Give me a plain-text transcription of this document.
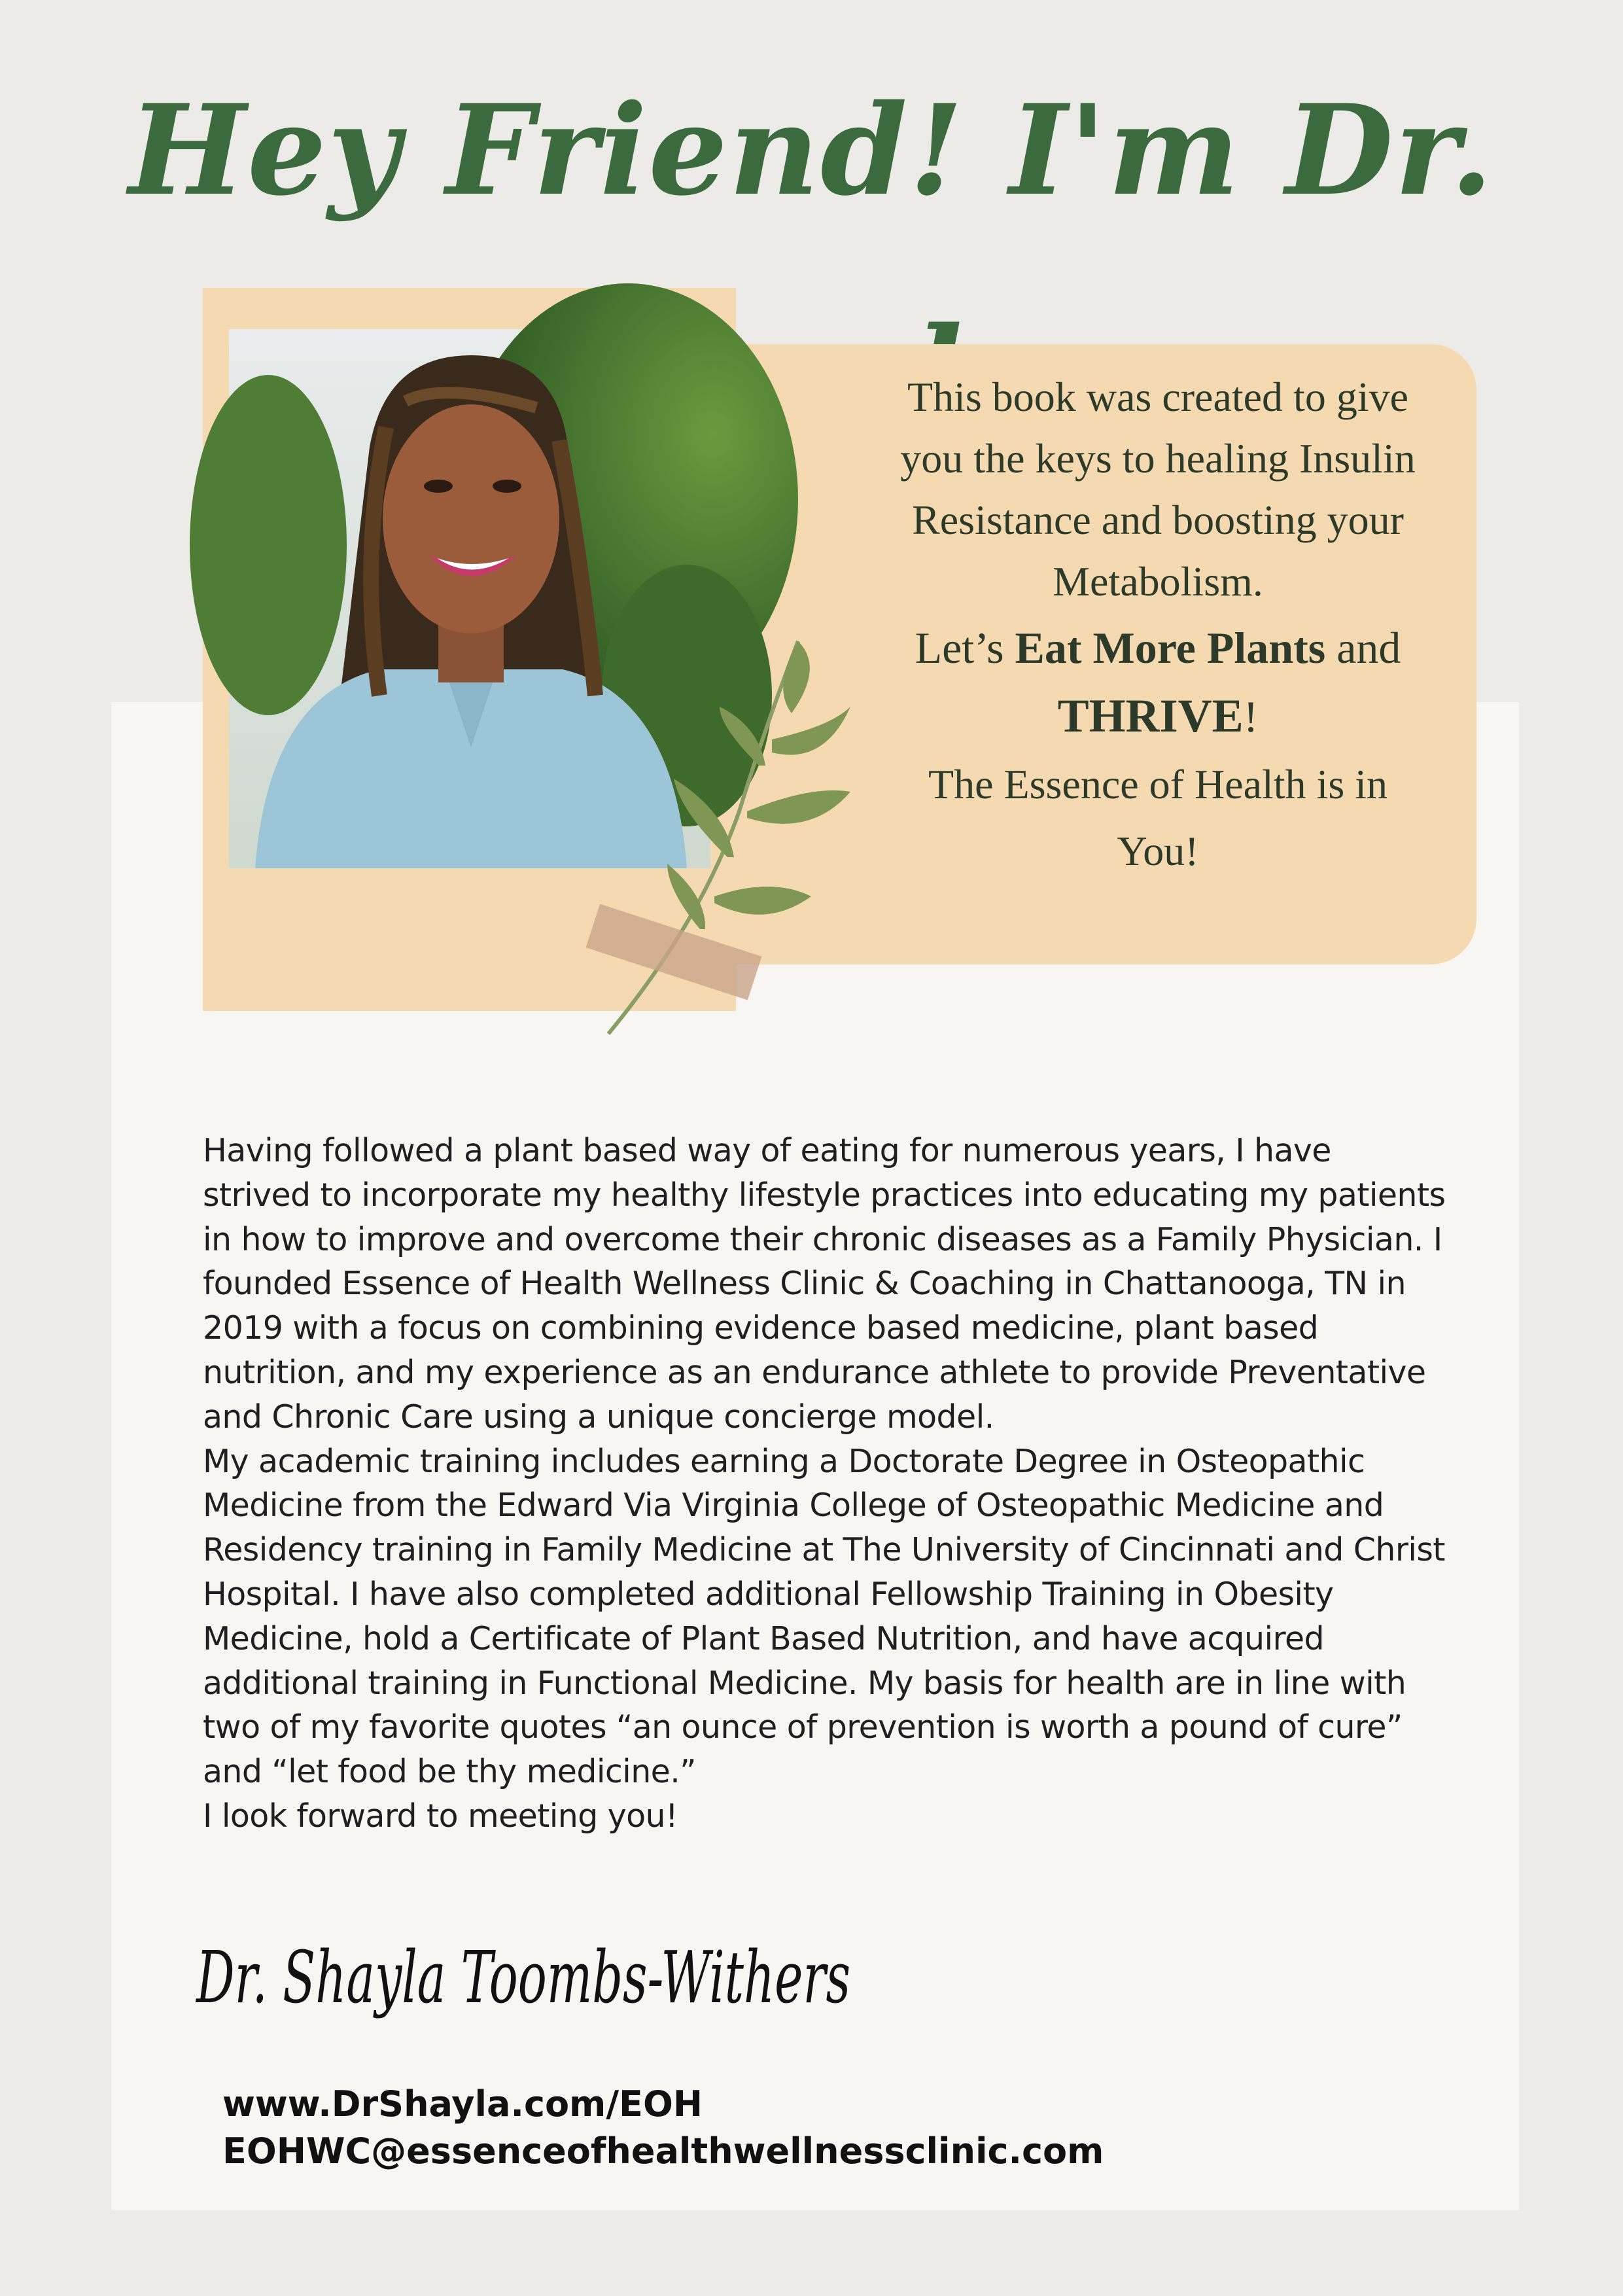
Hey Friend! I'm Dr.
This book was created to give
you the keys to healing Insulin
Resistance and boosting your
Metabolism.
Let’s Eat More Plants and
THRIVE!
The Essence of Health is in
You!

Having followed a plant based way of eating for numerous years, I have strived to incorporate my healthy lifestyle practices into educating my patients in how to improve and overcome their chronic diseases as a Family Physician. I founded Essence of Health Wellness Clinic & Coaching in Chattanooga, TN in 2019 with a focus on combining evidence based medicine, plant based nutrition, and my experience as an endurance athlete to provide Preventative and Chronic Care using a unique concierge model.

My academic training includes earning a Doctorate Degree in Osteopathic Medicine from the Edward Via Virginia College of Osteopathic Medicine and Residency training in Family Medicine at The University of Cincinnati and Christ Hospital. I have also completed additional Fellowship Training in Obesity Medicine, hold a Certificate of Plant Based Nutrition, and have acquired additional training in Functional Medicine. My basis for health are in line with two of my favorite quotes “an ounce of prevention is worth a pound of cure” and “let food be thy medicine.”

I look forward to meeting you!

Dr. Shayla Toombs-Withers
www.DrShayla.com/EOH
EOHWC@essenceofhealthwellnessclinic.com
